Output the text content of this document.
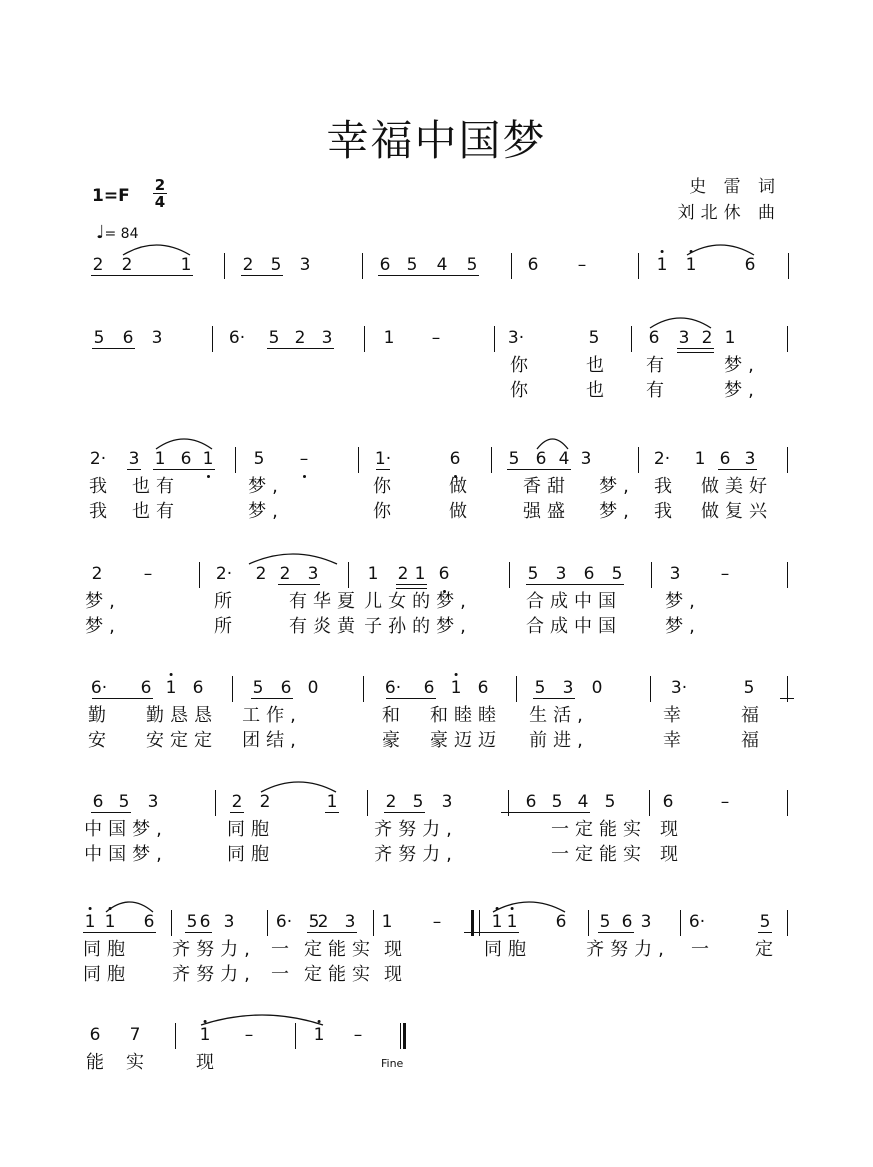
幸福中国梦
史 雷 词
刘北休 曲
1=F
2
4
♩= 84
2 2	1	2 5 3	6 5 4 5	6 –	1 1	6
5 6 3	6· 5 2 3	1 –	3·	5	6 3 2 1
你	也 有	梦,
你	也 有	梦,
2· 3 1 6 1 5 –	1·	6	5 6 4 3	2· 1 6 3
我 也有	梦,	你	做	香甜 梦, 我 做美好
我 也有	梦,	你	做	强盛 梦, 我 做复兴
2 –	2· 2 2 3	1 2 1 6	5 3 6 5	3 –
梦,	所	有华夏 儿女的梦,	合成中国 梦,
梦,	所	有炎黄 子孙的梦,	合成中国 梦,
6· 6 1 6	5 6 0	6· 6 1 6	5 3 0	3·	5
勤 勤恳恳 工作,	和 和睦睦 生活,	幸	福
安 安定定 团结,	豪 豪迈迈 前进,	幸	福
6 5 3	2 2	1	2 5 3	6 5 4 5	6	–
中国梦,	同胞	齐努力,	一定能实 现
中国梦,	同胞	齐努力,	一定能实 现
1 1 6 5 6 3 6· 5
2 3 1 –	1 1 6 5 6 3 6·	5
同胞 齐努力, 一 定能实 现	同胞	齐努力, 一	定
同胞 齐努力, 一 定能实 现
6 7	1 –	1 –
能 实	现	Fine
